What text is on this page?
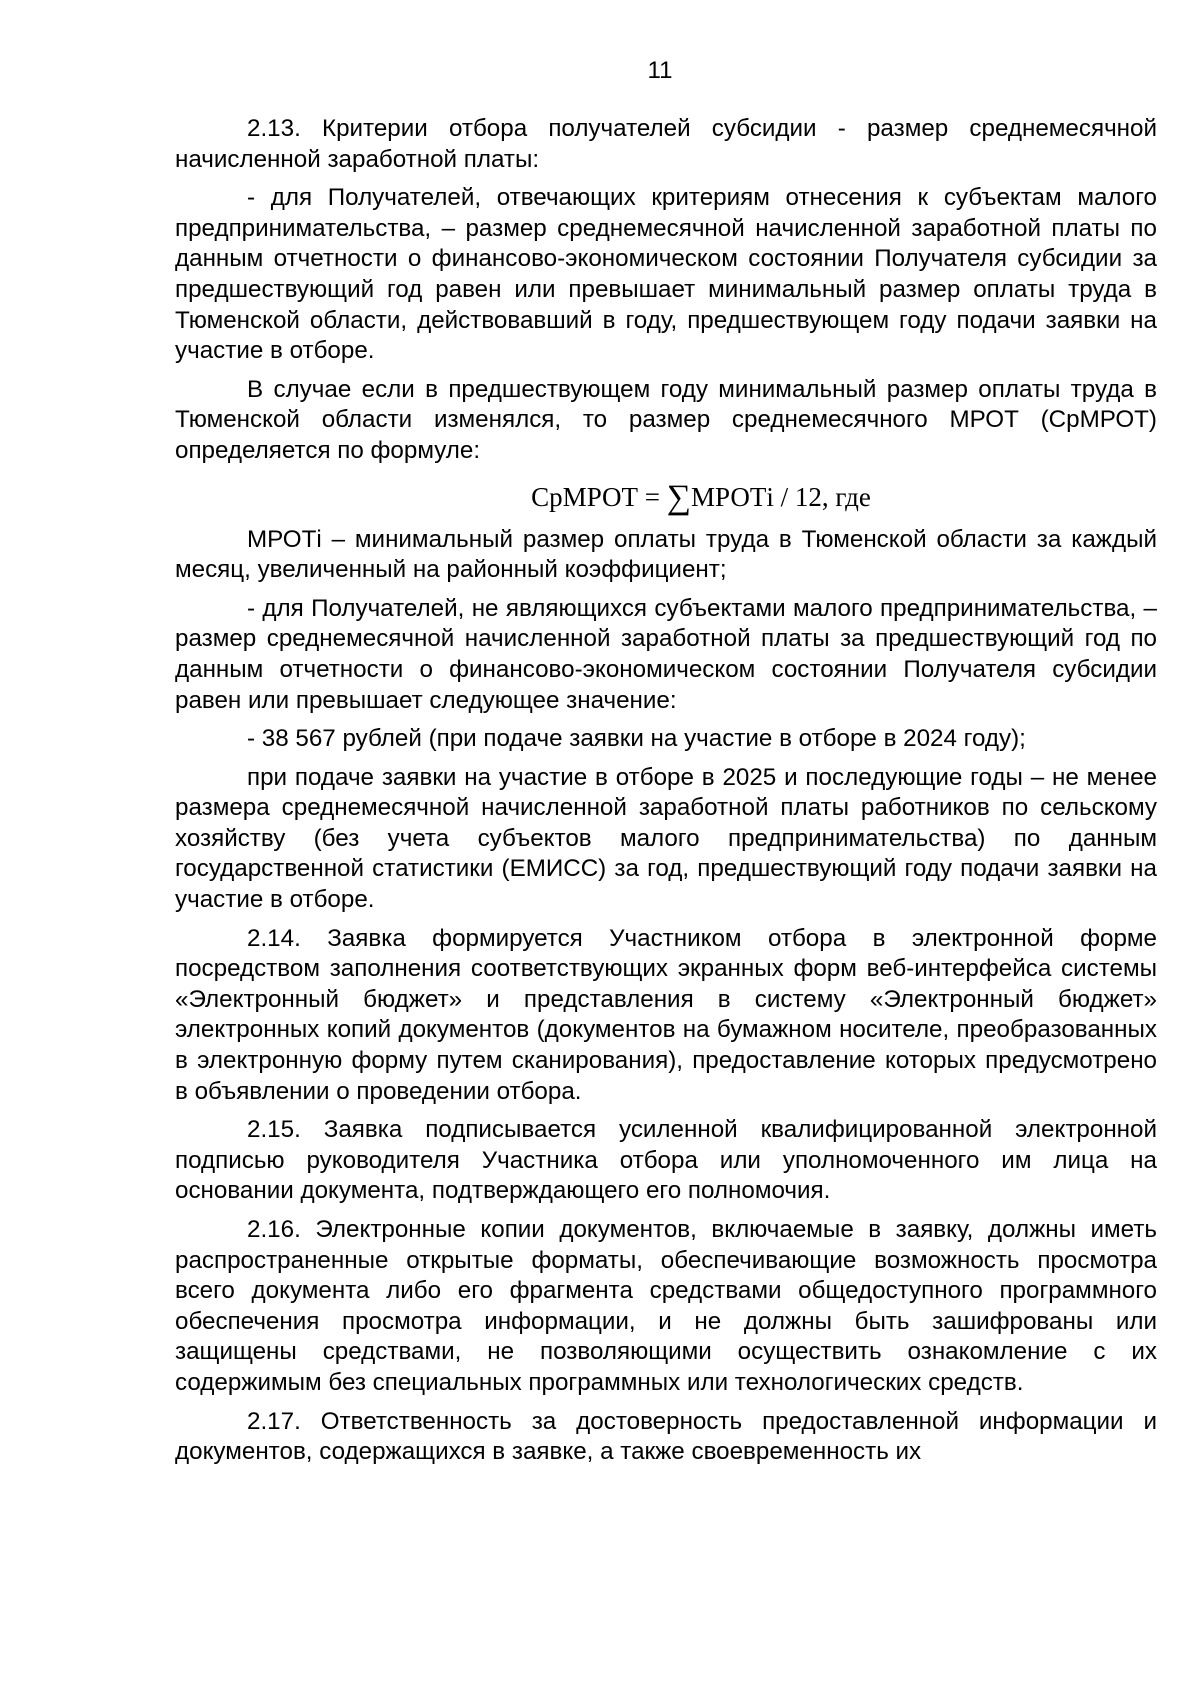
11

2.13. Критерии отбора получателей субсидии - размер среднемесячной начисленной заработной платы:

- для Получателей, отвечающих критериям отнесения к субъектам малого предпринимательства, – размер среднемесячной начисленной заработной платы по данным отчетности о финансово-экономическом состоянии Получателя субсидии за предшествующий год равен или превышает минимальный размер оплаты труда в Тюменской области, действовавший в году, предшествующем году подачи заявки на участие в отборе.

В случае если в предшествующем году минимальный размер оплаты труда в Тюменской области изменялся, то размер среднемесячного МРОТ (СрМРОТ) определяется по формуле:

СрМРОТ = ∑МРОТi / 12, где

МРОТi – минимальный размер оплаты труда в Тюменской области за каждый месяц, увеличенный на районный коэффициент;

- для Получателей, не являющихся субъектами малого предпринимательства, – размер среднемесячной начисленной заработной платы за предшествующий год по данным отчетности о финансово-экономическом состоянии Получателя субсидии равен или превышает следующее значение:

- 38 567 рублей (при подаче заявки на участие в отборе в 2024 году);

при подаче заявки на участие в отборе в 2025 и последующие годы – не менее размера среднемесячной начисленной заработной платы работников по сельскому хозяйству (без учета субъектов малого предпринимательства) по данным государственной статистики (ЕМИСС) за год, предшествующий году подачи заявки на участие в отборе.

2.14. Заявка формируется Участником отбора в электронной форме посредством заполнения соответствующих экранных форм веб-интерфейса системы «Электронный бюджет» и представления в систему «Электронный бюджет» электронных копий документов (документов на бумажном носителе, преобразованных в электронную форму путем сканирования), предоставление которых предусмотрено в объявлении о проведении отбора.

2.15. Заявка подписывается усиленной квалифицированной электронной подписью руководителя Участника отбора или уполномоченного им лица на основании документа, подтверждающего его полномочия.

2.16. Электронные копии документов, включаемые в заявку, должны иметь распространенные открытые форматы, обеспечивающие возможность просмотра всего документа либо его фрагмента средствами общедоступного программного обеспечения просмотра информации, и не должны быть зашифрованы или защищены средствами, не позволяющими осуществить ознакомление с их содержимым без специальных программных или технологических средств.

2.17. Ответственность за достоверность предоставленной информации и документов, содержащихся в заявке, а также своевременность их
